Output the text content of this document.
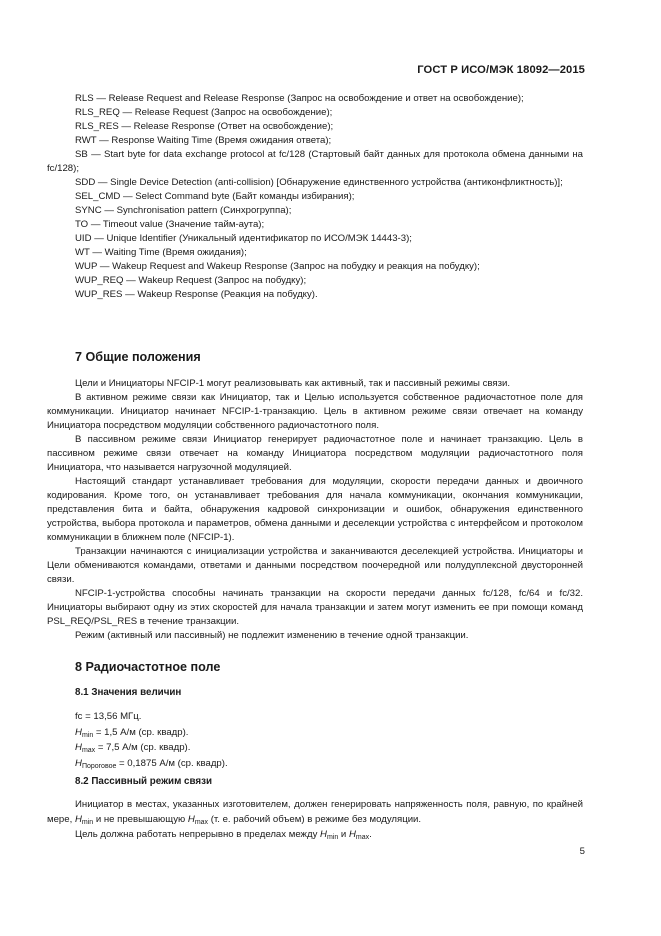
ГОСТ Р ИСО/МЭК 18092—2015

RLS — Release Request and Release Response (Запрос на освобождение и ответ на освобождение);

RLS_REQ — Release Request (Запрос на освобождение);

RLS_RES — Release Response (Ответ на освобождение);

RWT — Response Waiting Time (Время ожидания ответа);

SB — Start byte for data exchange protocol at fc/128 (Стартовый байт данных для протокола обмена данными на fc/128);

SDD — Single Device Detection (anti-collision) [Обнаружение единственного устройства (антиконфликтность)];

SEL_CMD — Select Command byte (Байт команды избирания);

SYNC — Synchronisation pattern (Синхрогруппа);

TO — Timeout value (Значение тайм-аута);

UID — Unique Identifier (Уникальный идентификатор по ИСО/МЭК 14443-3);

WT — Waiting Time (Время ожидания);

WUP — Wakeup Request and Wakeup Response (Запрос на побудку и реакция на побудку);

WUP_REQ — Wakeup Request (Запрос на побудку);

WUP_RES — Wakeup Response (Реакция на побудку).

7 Общие положения

Цели и Инициаторы NFCIP-1 могут реализовывать как активный, так и пассивный режимы связи.

В активном режиме связи как Инициатор, так и Целью используется собственное радиочастотное поле для коммуникации. Инициатор начинает NFCIP-1-транзакцию. Цель в активном режиме связи отвечает на команду Инициатора посредством модуляции собственного радиочастотного поля.

В пассивном режиме связи Инициатор генерирует радиочастотное поле и начинает транзакцию. Цель в пассивном режиме связи отвечает на команду Инициатора посредством модуляции радиочастотного поля Инициатора, что называется нагрузочной модуляцией.

Настоящий стандарт устанавливает требования для модуляции, скорости передачи данных и двоичного кодирования. Кроме того, он устанавливает требования для начала коммуникации, окончания коммуникации, представления бита и байта, обнаружения кадровой синхронизации и ошибок, обнаружения единственного устройства, выбора протокола и параметров, обмена данными и деселекции устройства с интерфейсом и протоколом коммуникации в ближнем поле (NFCIP-1).

Транзакции начинаются с инициализации устройства и заканчиваются деселекцией устройства. Инициаторы и Цели обмениваются командами, ответами и данными посредством поочередной или полудуплексной двусторонней связи.

NFCIP-1-устройства способны начинать транзакции на скорости передачи данных fc/128, fc/64 и fc/32. Инициаторы выбирают одну из этих скоростей для начала транзакции и затем могут изменить ее при помощи команд PSL_REQ/PSL_RES в течение транзакции.

Режим (активный или пассивный) не подлежит изменению в течение одной транзакции.

8 Радиочастотное поле
8.1 Значения величин
fc = 13,56 МГц.
$H_{min} = 1,5$ А/м (ср. квадр).
$H_{max} = 7,5$ А/м (ср. квадр).
$H_{Пороговое} = 0,1875$ А/м (ср. квадр).
8.2 Пассивный режим связи

Инициатор в местах, указанных изготовителем, должен генерировать напряженность поля, равную, по крайней мере, $H_{min}$ и не превышающую $H_{max}$ (т. е. рабочий объем) в режиме без модуляции.

Цель должна работать непрерывно в пределах между $H_{min}$ и $H_{max}$.

5
